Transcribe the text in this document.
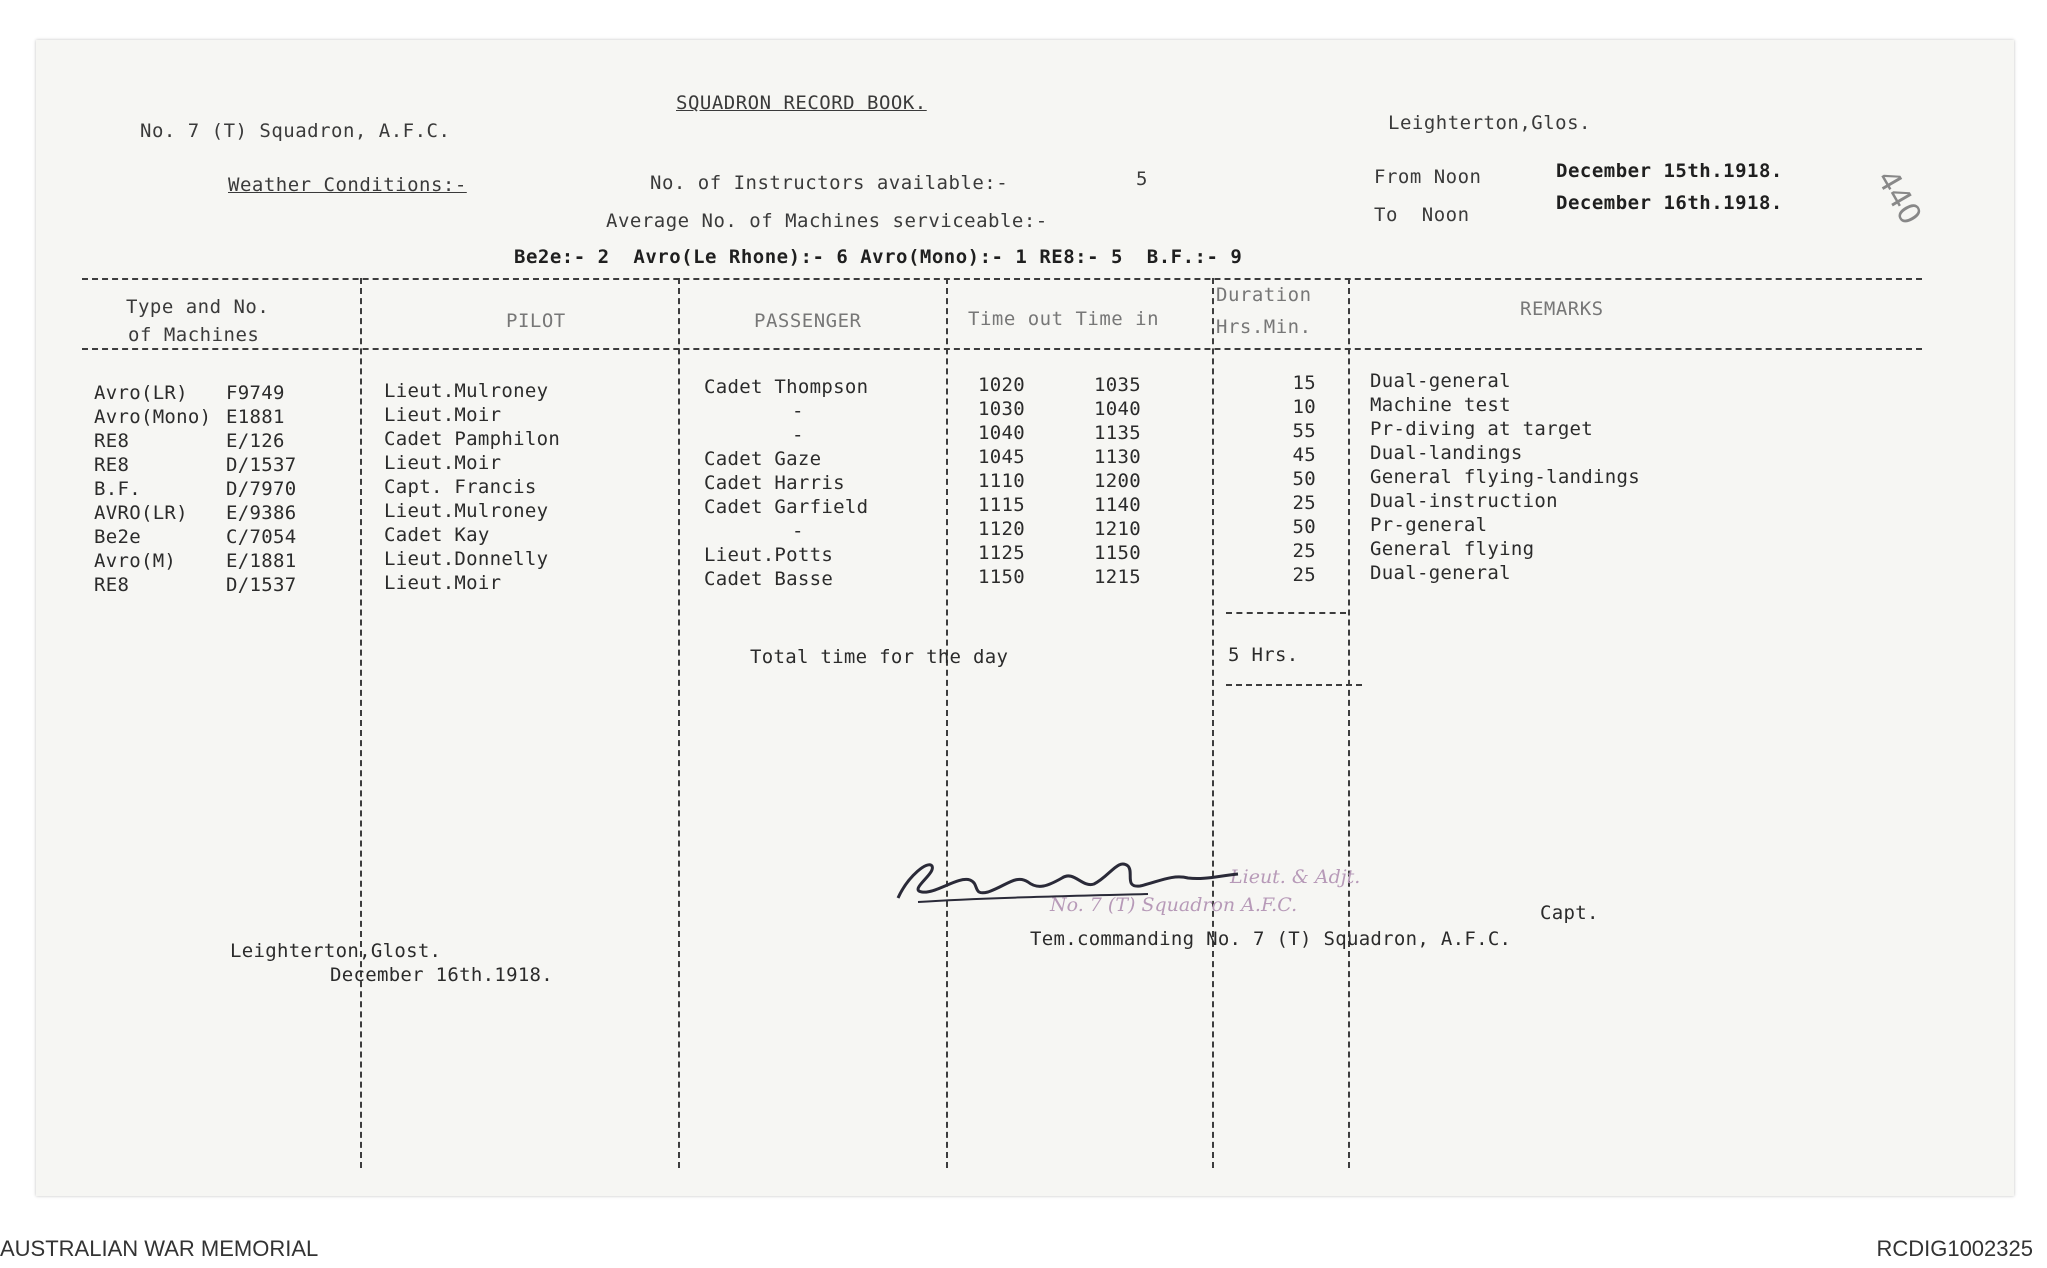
No. 7 (T) Squadron, A.F.C.
SQUADRON RECORD BOOK.
Leighterton,Glos.
Weather Conditions:-	No. of Instructors available:-	5
Average No. of Machines serviceable:-
From Noon
To  Noon
December 15th.1918.
December 16th.1918.
Be2e:- 2  Avro(Le Rhone):- 6 Avro(Mono):- 1 RE8:- 5  B.F.:- 9
440
Type and No.
of Machines
PILOT	PASSENGER	Time out Time in
Duration
Hrs.Min.
REMARKS
Avro(LR) F9749	Lieut.Mulroney	Cadet Thompson	1020	1035	15	Dual-general
Avro(Mono) E1881	Lieut.Moir	-	1030	1040	10	Machine test
RE8	E/126	Cadet Pamphilon	-	1040	1135	55	Pr-diving at target
RE8	D/1537	Lieut.Moir	Cadet Gaze	1045	1130	45	Dual-landings
B.F.	D/7970	Capt. Francis	Cadet Harris	1110	1200	50	General flying-landings
AVRO(LR) E/9386	Lieut.Mulroney	Cadet Garfield	1115	1140	25	Dual-instruction
Be2e	C/7054	Cadet Kay	-	1120	1210	50	Pr-general
Avro(M)	E/1881	Lieut.Donnelly	Lieut.Potts	1125	1150	25	General flying
RE8	D/1537	Lieut.Moir	Cadet Basse	1150	1215	25	Dual-general
Total time for the day	5 Hrs.
Lieut. & Adjt.
No. 7 (T) Squadron A.F.C.	Capt.
Tem.commanding No. 7 (T) Squadron, A.F.C.
Leighterton,Glost.
December 16th.1918.
AUSTRALIAN WAR MEMORIAL	RCDIG1002325
